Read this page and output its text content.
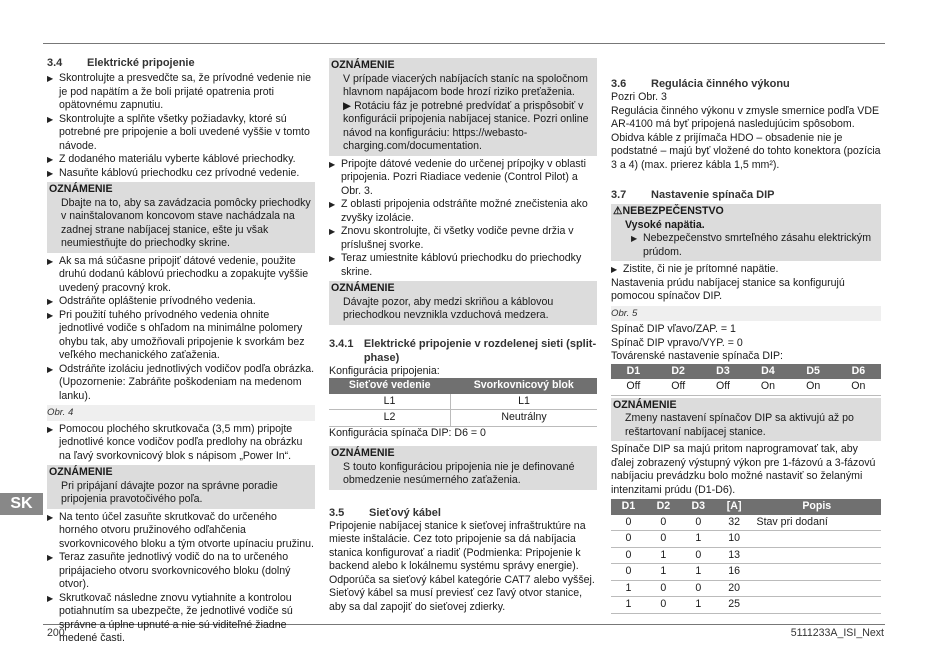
3.4 Elektrické pripojenie
▶ Skontrolujte a presvedčte sa, že prívodné vedenie nie je pod napätím a že boli prijaté opatrenia proti opätovnému zapnutiu.
▶ Skontrolujte a splňte všetky požiadavky, ktoré sú potrebné pre pripojenie a boli uvedené vyššie v tomto návode.
▶ Z dodaného materiálu vyberte káblové priechodky.
▶ Nasuňte káblovú priechodku cez prívodné vedenie.
OZNÁMENIE

Dbajte na to, aby sa zavádzacia pomôcky priechodky v nainštalovanom koncovom stave nachádzala na zadnej strane nabíjacej stanice, ešte ju však neumiestňujte do priechodky skrine.

▶ Ak sa má súčasne pripojiť dátové vedenie, použite druhú dodanú káblovú priechodku a zopakujte vyššie uvedený pracovný krok.
▶ Odstráňte opláštenie prívodného vedenia.
▶ Pri použití tuhého prívodného vedenia ohnite jednotlivé vodiče s ohľadom na minimálne polomery ohybu tak, aby umožňovali pripojenie k svorkám bez veľkého mechanického zaťaženia.
▶ Odstráňte izoláciu jednotlivých vodičov podľa obrázka. (Upozornenie: Zabráňte poškodeniam na medenom lanku).
Obr. 4
▶ Pomocou plochého skrutkovača (3,5 mm) pripojte jednotlivé konce vodičov podľa predlohy na obrázku na ľavý svorkovnicový blok s nápisom „Power In“.
OZNÁMENIE

Pri pripájaní dávajte pozor na správne poradie pripojenia pravotočivého poľa.

▶ Na tento účel zasuňte skrutkovač do určeného horného otvoru pružinového odľahčenia svorkovnicového bloku a tým otvorte upínaciu pružinu.
▶ Teraz zasuňte jednotlivý vodič do na to určeného pripájacieho otvoru svorkovnicového bloku (dolný otvor).
▶ Skrutkovač následne znovu vytiahnite a kontrolou potiahnutím sa ubezpečte, že jednotlivé vodiče sú správne a úplne upnuté a nie sú viditeľné žiadne medené časti.
OZNÁMENIE

V prípade viacerých nabíjacích staníc na spoločnom hlavnom napájacom bode hrozí riziko preťaženia.

▶ Rotáciu fáz je potrebné predvídať a prispôsobiť v konfigurácii pripojenia nabíjacej stanice. Pozri online návod na konfiguráciu: https://webasto-charging.com/documentation.

▶ Pripojte dátové vedenie do určenej prípojky v oblasti pripojenia. Pozri Riadiace vedenie (Control Pilot) a Obr. 3.
▶ Z oblasti pripojenia odstráňte možné znečistenia ako zvyšky izolácie.
▶ Znovu skontrolujte, či všetky vodiče pevne držia v príslušnej svorke.
▶ Teraz umiestnite káblovú priechodku do priechodky skrine.
OZNÁMENIE

Dávajte pozor, aby medzi skriňou a káblovou priechodkou nevznikla vzduchová medzera.

3.4.1 Elektrické pripojenie v rozdelenej sieti (split-phase)

Konfigurácia pripojenia:

Sieťové vedenie	Svorkovnicový blok
L1	L1
L2	Neutrálny

Konfigurácia spínača DIP: D6 = 0

OZNÁMENIE

S touto konfiguráciou pripojenia nie je definované obmedzenie nesúmerného zaťaženia.

3.5 Sieťový kábel

Pripojenie nabíjacej stanice k sieťovej infraštruktúre na mieste inštalácie. Cez toto pripojenie sa dá nabíjacia stanica konfigurovať a riadiť (Podmienka: Pripojenie k backend alebo k lokálnemu systému správy energie). Odporúča sa sieťový kábel kategórie CAT7 alebo vyššej. Sieťový kábel sa musí previesť cez ľavý otvor stanice, aby sa dal zapojiť do sieťovej zdierky.

3.6 Regulácia činného výkonu

Pozri Obr. 3

Regulácia činného výkonu v zmysle smernice podľa VDE AR-4100 má byť pripojená nasledujúcim spôsobom. Obidva káble z prijímača HDO – obsadenie nie je podstatné – majú byť vložené do tohto konektora (pozícia 3 a 4) (max. prierez kábla 1,5 mm²).

3.7 Nastavenie spínača DIP
⚠NEBEZPEČENSTVO
Vysoké napätia.
▶ Nebezpečenstvo smrteľného zásahu elektrickým prúdom.
▶ Zistite, či nie je prítomné napätie.

Nastavenia prúdu nabíjacej stanice sa konfigurujú pomocou spínačov DIP.

Obr. 5

Spínač DIP vľavo/ZAP. = 1

Spínač DIP vpravo/VYP. = 0

Továrenské nastavenie spínača DIP:

D1	D2	D3	D4	D5	D6
Off	Off	Off	On	On	On
OZNÁMENIE

Zmeny nastavení spínačov DIP sa aktivujú až po reštartovaní nabíjacej stanice.

Spínače DIP sa majú pritom naprogramovať tak, aby ďalej zobrazený výstupný výkon pre 1-fázovú a 3-fázovú nabíjaciu prevádzku bolo možné nastaviť so želanými intenzitami prúdu (D1-D6).

D1	D2	D3	[A]	Popis
0	0	0	32	Stav pri dodaní
0	0	1	10	
0	1	0	13	
0	1	1	16	
1	0	0	20	
1	0	1	25	
SK
200	5111233A_ISI_Next
